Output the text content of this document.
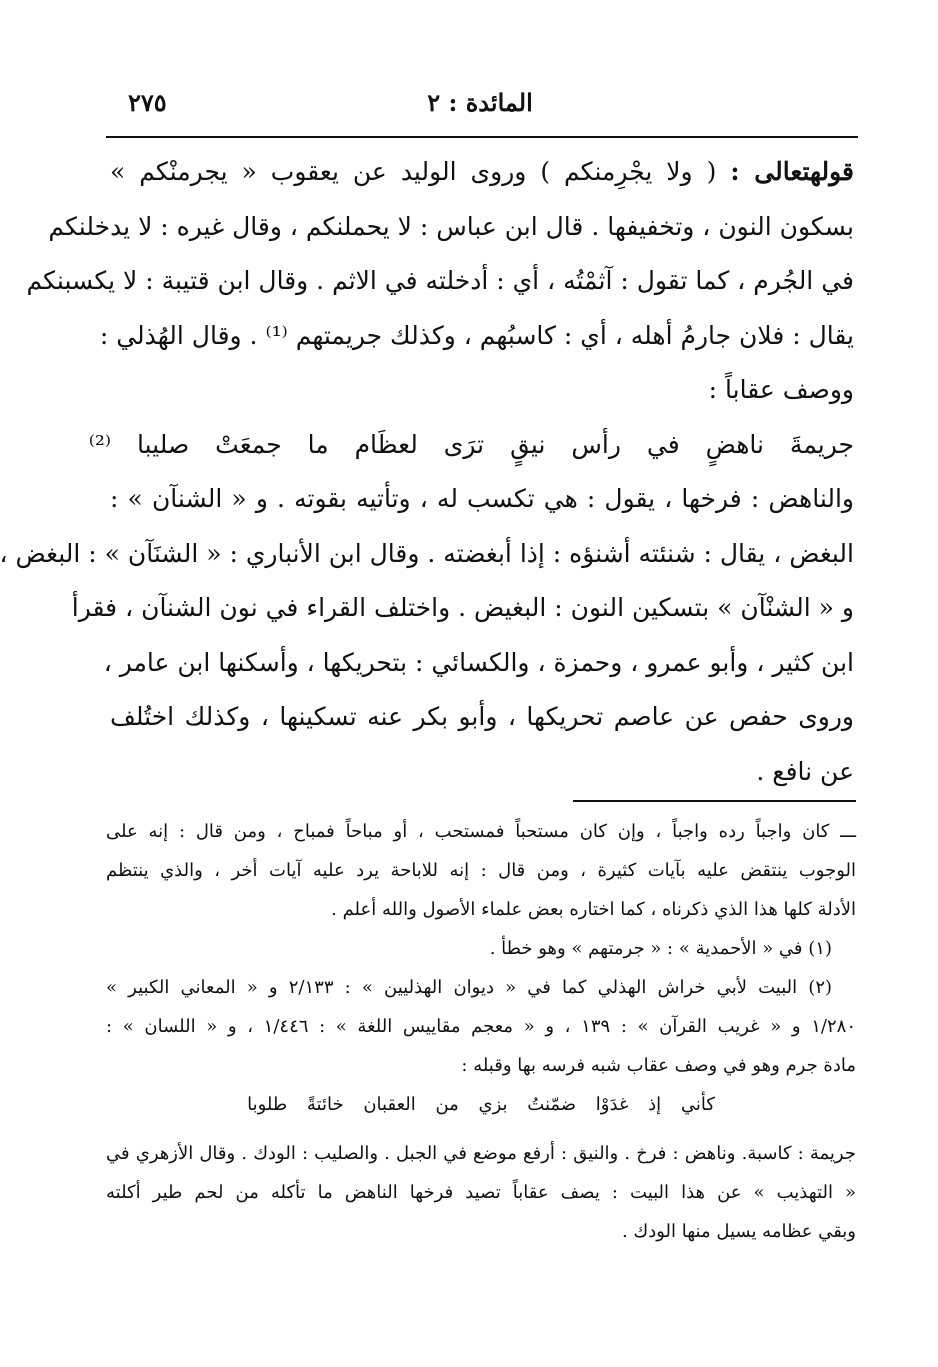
٢٧٥	المائدة : ٢
قولهتعالى : ( ولا يجْرِمنكم ) وروى الوليد عن يعقوب « يجرمنْكم »
بسكون النون ، وتخفيفها . قال ابن عباس : لا يحملنكم ، وقال غيره : لا يدخلنكم
في الجُرم ، كما تقول : آثمْتُه ، أي : أدخلته في الاثم . وقال ابن قتيبة : لا يكسبنكم
يقال : فلان جارمُ أهله ، أي : كاسبُهم ، وكذلك جريمتهم ⁽¹⁾ . وقال الهُذلي :
ووصف عقاباً :
جريمةَ ناهضٍ في رأس نيقٍ ترَى لعظَام ما جمعَتْ صليبا ⁽²⁾
والناهض : فرخها ، يقول : هي تكسب له ، وتأتيه بقوته . و « الشنآن » :
البغض ، يقال : شنئته أشنؤه : إذا أبغضته . وقال ابن الأنباري : « الشنَآن » : البغض ،
و « الشنْآن » بتسكين النون : البغيض . واختلف القراء في نون الشنآن ، فقرأ
ابن كثير ، وأبو عمرو ، وحمزة ، والكسائي : بتحريكها ، وأسكنها ابن عامر ،
وروى حفص عن عاصم تحريكها ، وأبو بكر عنه تسكينها ، وكذلك اختُلف
عن نافع .
ـــ كان واجباً رده واجباً ، وإن كان مستحباً فمستحب ، أو مباحاً فمباح ، ومن قال : إنه على
الوجوب ينتقض عليه بآيات كثيرة ، ومن قال : إنه للاباحة يرد عليه آيات أخر ، والذي ينتظم
الأدلة كلها هذا الذي ذكرناه ، كما اختاره بعض علماء الأصول والله أعلم .
(١) في « الأحمدية » : « جرمتهم » وهو خطأ .
(٢) البيت لأبي خراش الهذلي كما في « ديوان الهذليين » : ٢/١٣٣ و « المعاني الكبير »
١/٢٨٠ و « غريب القرآن » : ١٣٩ ، و « معجم مقاييس اللغة » : ١/٤٤٦ ، و « اللسان » :
مادة جرم وهو في وصف عقاب شبه فرسه بها وقبله :
كأني إذ غدَوْا ضمّنتُ بزي من العقبان خائتةً طلوبا
جريمة : كاسبة. وناهض : فرخ . والنيق : أرفع موضع في الجبل . والصليب : الودك . وقال الأزهري في
« التهذيب » عن هذا البيت : يصف عقاباً تصيد فرخها الناهض ما تأكله من لحم طير أكلته
وبقي عظامه يسيل منها الودك .
